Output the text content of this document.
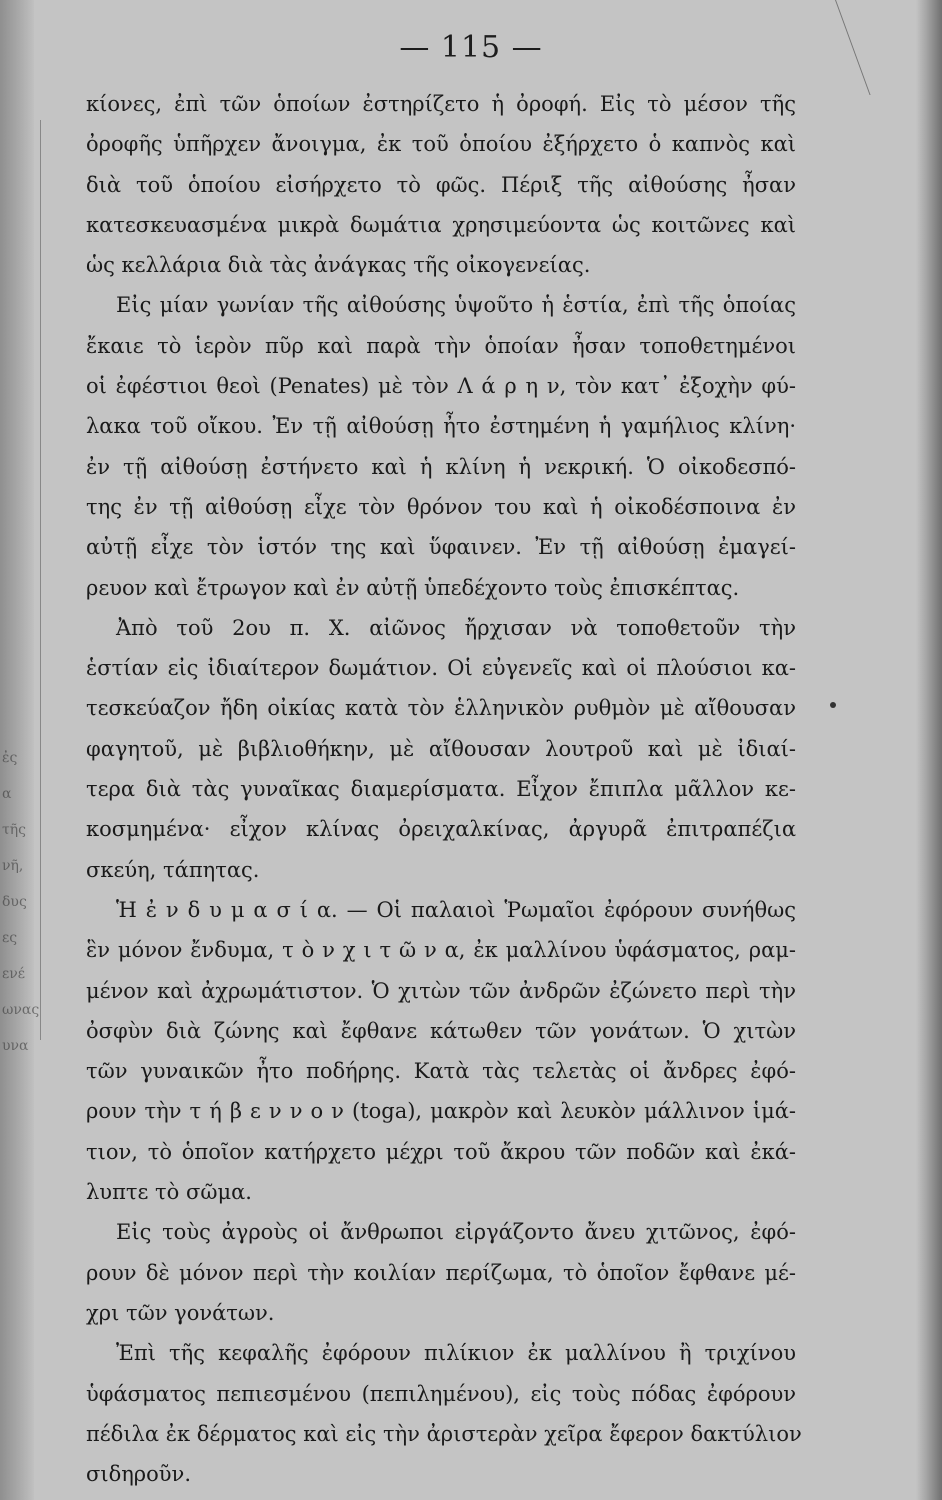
ἐς
α
τῆς
νῆ,
δυς
ες
ενέ
ωνας
υνα
— 115 —
κίονες, ἐπὶ τῶν ὁποίων ἐστηρίζετο ἡ ὀροφή. Εἰς τὸ μέσον τῆς
ὀροφῆς ὑπῆρχεν ἄνοιγμα, ἐκ τοῦ ὁποίου ἐξήρχετο ὁ καπνὸς καὶ
διὰ τοῦ ὁποίου εἰσήρχετο τὸ φῶς. Πέριξ τῆς αἰθούσης ἦσαν
κατεσκευασμένα μικρὰ δωμάτια χρησιμεύοντα ὡς κοιτῶνες καὶ
ὡς κελλάρια διὰ τὰς ἀνάγκας τῆς οἰκογενείας.
Εἰς μίαν γωνίαν τῆς αἰθούσης ὑψοῦτο ἡ ἑστία, ἐπὶ τῆς ὁποίας
ἔκαιε τὸ ἱερὸν πῦρ καὶ παρὰ τὴν ὁποίαν ἦσαν τοποθετημένοι
οἱ ἐφέστιοι θεοὶ (Penates) μὲ τὸν Λ ά ρ η ν, τὸν κατ᾿ ἐξοχὴν φύ-
λακα τοῦ οἴκου. Ἐν τῇ αἰθούσῃ ἦτο ἐστημένη ἡ γαμήλιος κλίνη·
ἐν τῇ αἰθούσῃ ἐστήνετο καὶ ἡ κλίνη ἡ νεκρική. Ὁ οἰκοδεσπό-
της ἐν τῇ αἰθούσῃ εἶχε τὸν θρόνον του καὶ ἡ οἰκοδέσποινα ἐν
αὐτῇ εἶχε τὸν ἱστόν της καὶ ὕφαινεν. Ἐν τῇ αἰθούσῃ ἐμαγεί-
ρευον καὶ ἔτρωγον καὶ ἐν αὐτῇ ὑπεδέχοντο τοὺς ἐπισκέπτας.
Ἀπὸ τοῦ 2ου π. Χ. αἰῶνος ἤρχισαν νὰ τοποθετοῦν τὴν
ἑστίαν εἰς ἰδιαίτερον δωμάτιον. Οἱ εὐγενεῖς καὶ οἱ πλούσιοι κα-
τεσκεύαζον ἤδη οἰκίας κατὰ τὸν ἑλληνικὸν ρυθμὸν μὲ αἴθουσαν
φαγητοῦ, μὲ βιβλιοθήκην, μὲ αἴθουσαν λουτροῦ καὶ μὲ ἰδιαί-
τερα διὰ τὰς γυναῖκας διαμερίσματα. Εἶχον ἔπιπλα μᾶλλον κε-
κοσμημένα· εἶχον κλίνας ὀρειχαλκίνας, ἀργυρᾶ ἐπιτραπέζια
σκεύη, τάπητας.
Ἡ ἐ ν δ υ μ α σ ί α. — Οἱ παλαιοὶ Ῥωμαῖοι ἐφόρουν συνήθως
ἓν μόνον ἔνδυμα, τ ὸ ν χ ι τ ῶ ν α, ἐκ μαλλίνου ὑφάσματος, ραμ-
μένον καὶ ἀχρωμάτιστον. Ὁ χιτὼν τῶν ἀνδρῶν ἐζώνετο περὶ τὴν
ὀσφὺν διὰ ζώνης καὶ ἔφθανε κάτωθεν τῶν γονάτων. Ὁ χιτὼν
τῶν γυναικῶν ἦτο ποδήρης. Κατὰ τὰς τελετὰς οἱ ἄνδρες ἐφό-
ρουν τὴν τ ή β ε ν ν ο ν (toga), μακρὸν καὶ λευκὸν μάλλινον ἱμά-
τιον, τὸ ὁποῖον κατήρχετο μέχρι τοῦ ἄκρου τῶν ποδῶν καὶ ἐκά-
λυπτε τὸ σῶμα.
Εἰς τοὺς ἀγροὺς οἱ ἄνθρωποι εἰργάζοντο ἄνευ χιτῶνος, ἐφό-
ρουν δὲ μόνον περὶ τὴν κοιλίαν περίζωμα, τὸ ὁποῖον ἔφθανε μέ-
χρι τῶν γονάτων.
Ἐπὶ τῆς κεφαλῆς ἐφόρουν πιλίκιον ἐκ μαλλίνου ἢ τριχίνου
ὑφάσματος πεπιεσμένου (πεπιλημένου), εἰς τοὺς πόδας ἐφόρουν
πέδιλα ἐκ δέρματος καὶ εἰς τὴν ἀριστερὰν χεῖρα ἔφερον δακτύλιον
σιδηροῦν.
